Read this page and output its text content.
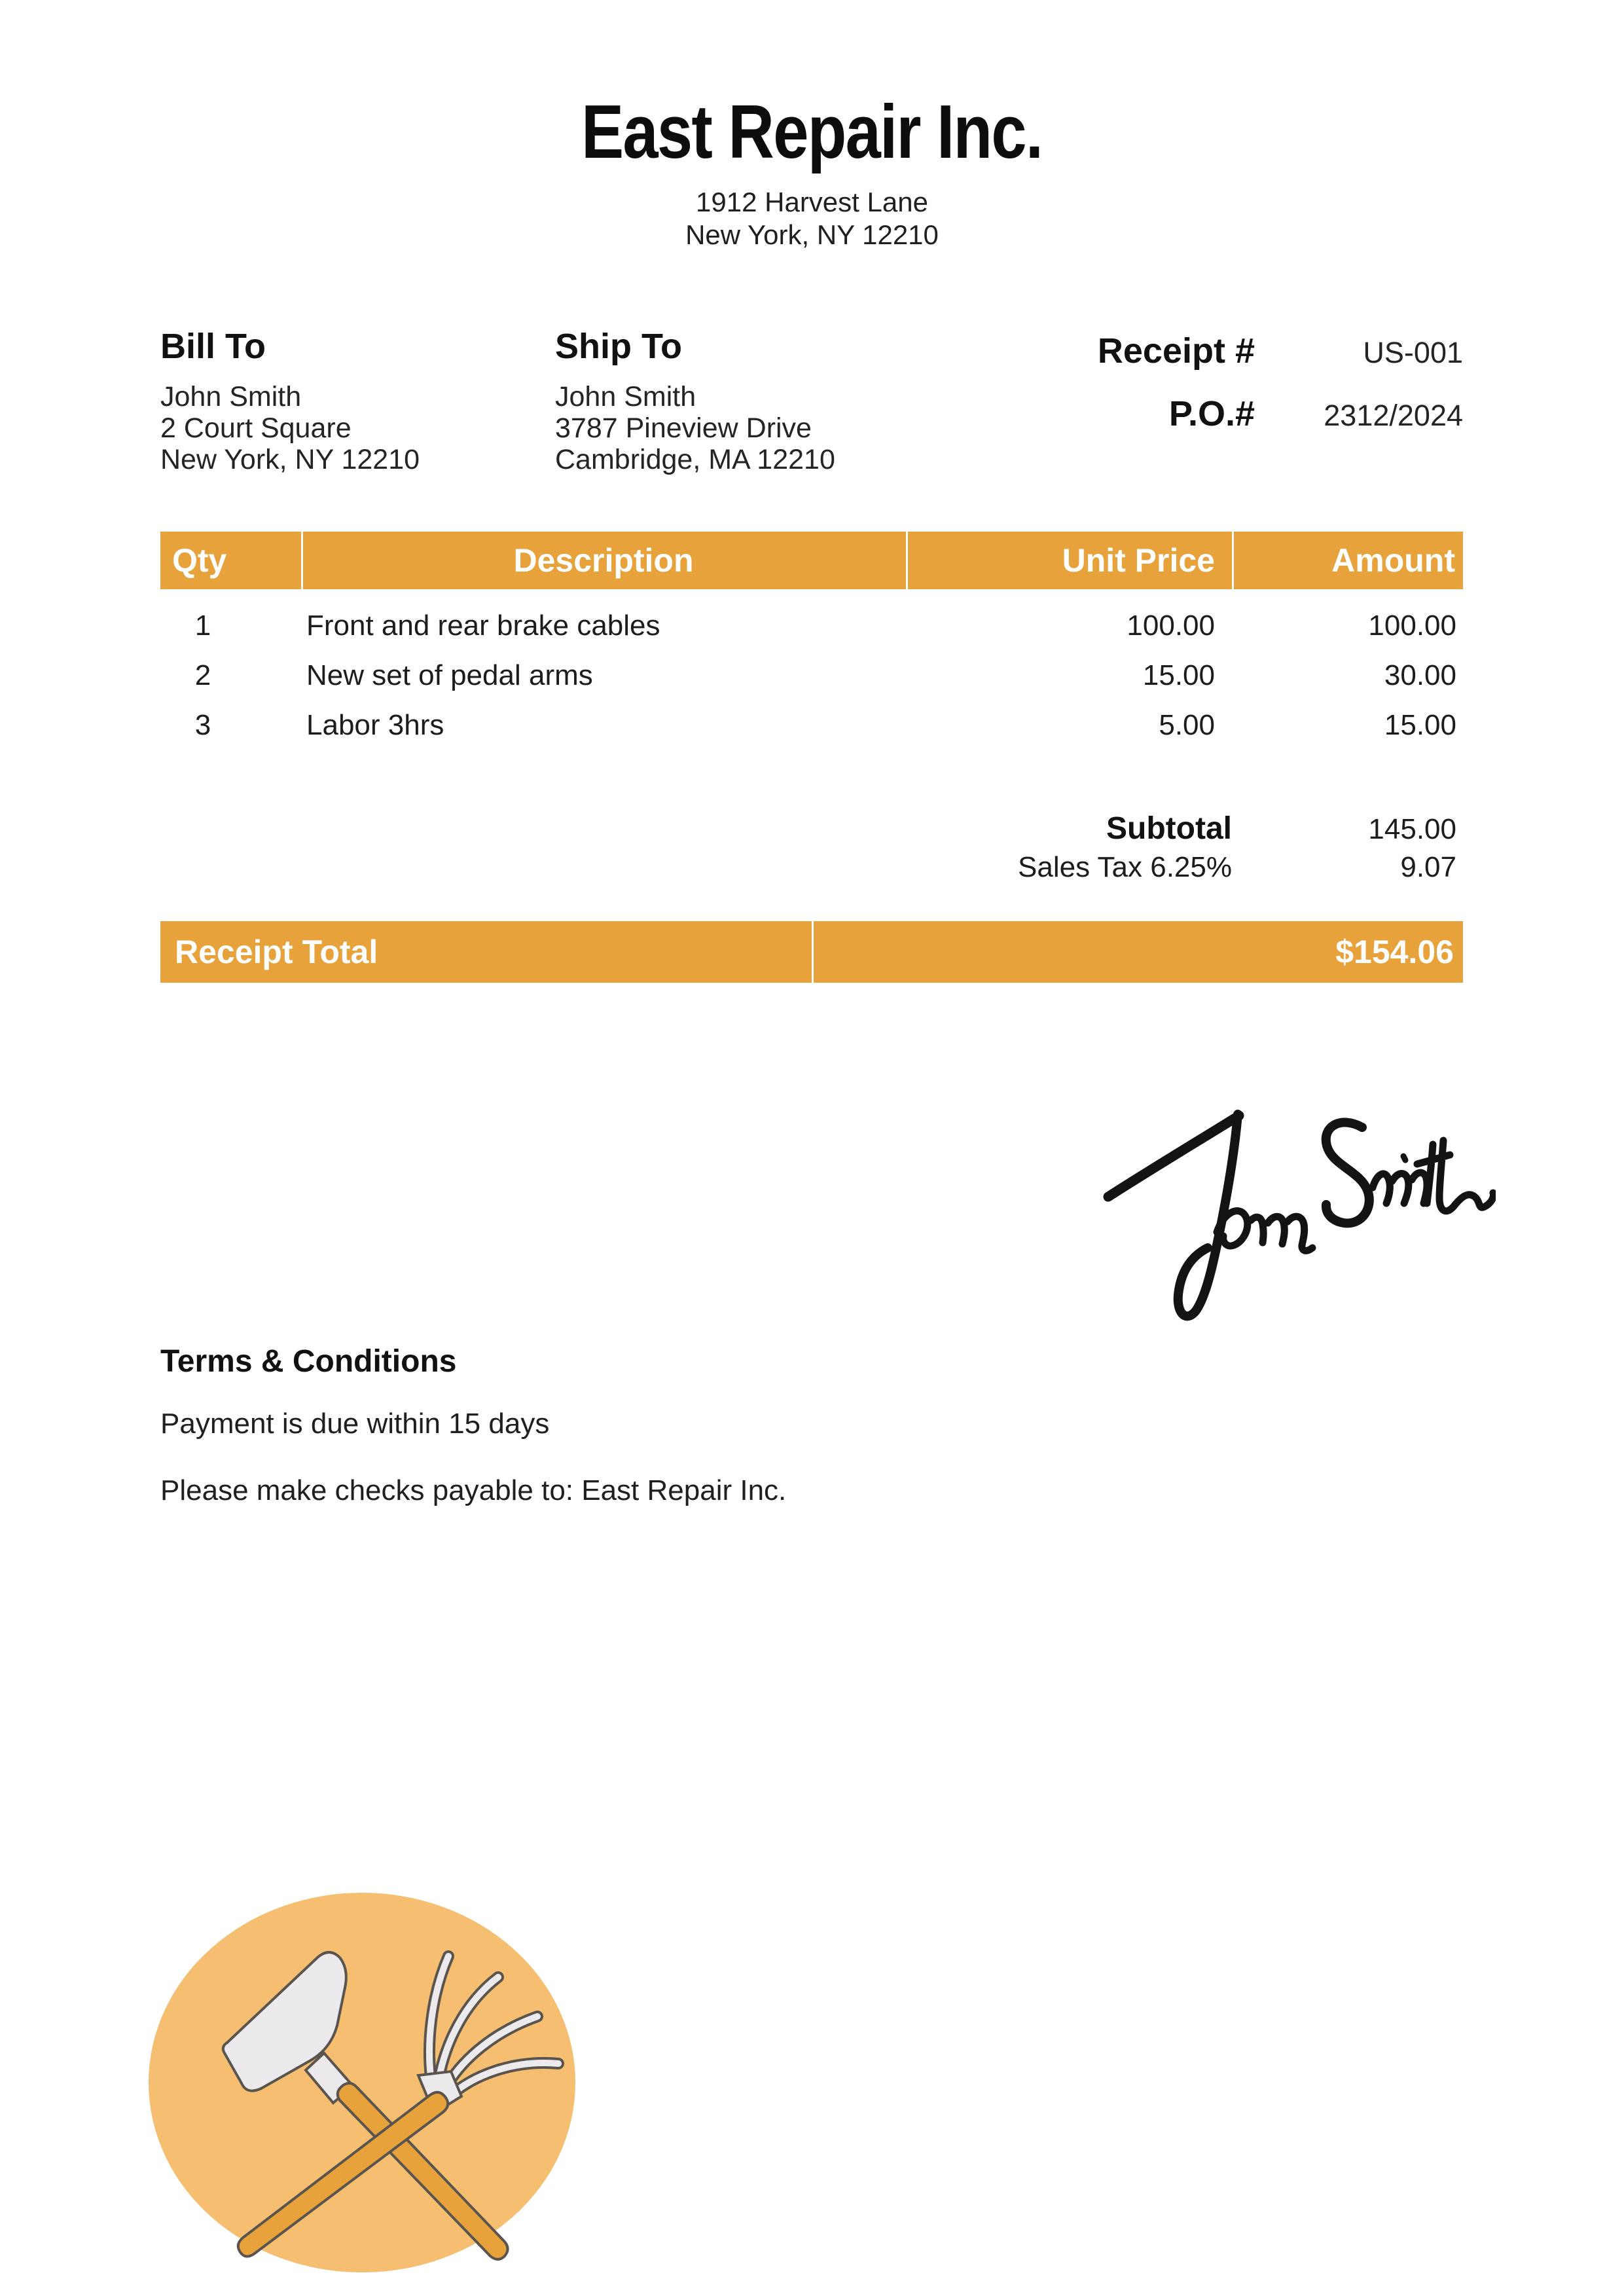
East Repair Inc.
1912 Harvest Lane
New York, NY 12210
Bill To
John Smith
2 Court Square
New York, NY 12210
Ship To
John Smith
3787 Pineview Drive
Cambridge, MA 12210
Receipt #	US-001
P.O.#	2312/2024
Qty	Description	Unit Price	Amount
1	Front and rear brake cables	100.00	100.00
2	New set of pedal arms	15.00	30.00
3	Labor 3hrs	5.00	15.00
Subtotal	145.00
Sales Tax 6.25%	9.07
Receipt Total	$154.06
Terms & Conditions
Payment is due within 15 days
Please make checks payable to: East Repair Inc.
